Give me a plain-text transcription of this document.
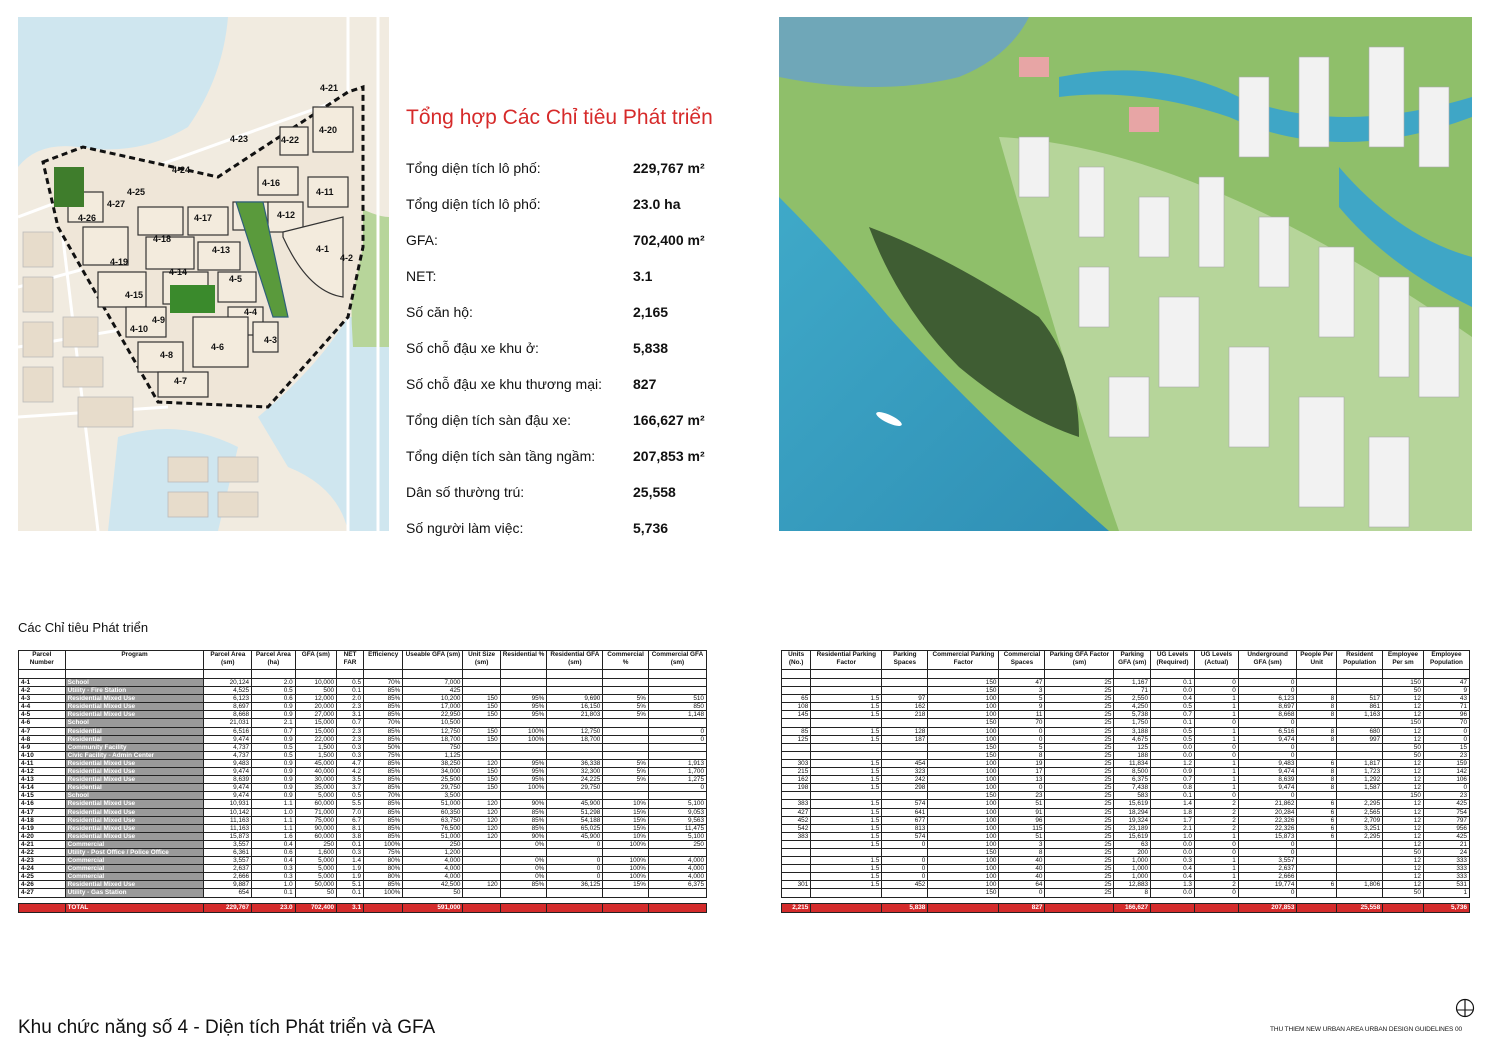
4-1
4-2
4-3
4-4
4-5
4-6
4-7
4-8
4-9
4-10
4-11
4-12
4-13
4-14
4-15
4-16
4-17
4-18
4-19
4-20
4-21
4-22
4-23
4-24
4-25
4-26
4-27
Tổng hợp Các Chỉ tiêu Phát triển
Tổng diện tích lô phố:	229,767 m²
Tổng diện tích lô phố:	23.0 ha
GFA:	702,400 m²
NET:	3.1
Số căn hộ:	2,165
Số chỗ đậu xe khu ở:	5,838
Số chỗ đậu xe khu thương mại: 827
Tổng diện tích sàn đậu xe:	166,627 m²
Tổng diện tích sàn tầng ngầm:	207,853 m²
Dân số thường trú:	25,558
Số người làm việc:	5,736
Các Chỉ tiêu Phát triển
Parcel Number	Program	Parcel Area (sm)	Parcel Area (ha)	GFA (sm)	NET FAR	Efficiency	Useable GFA (sm)	Unit Size (sm)	Residential %	Residential GFA (sm)	Commercial %	Commercial GFA (sm)

4-1	School	20,124	2.0	10,000	0.5	70%	7,000					
4-2	Utility - Fire Station	4,525	0.5	500	0.1	85%	425					
4-3	Residential Mixed Use	6,123	0.6	12,000	2.0	85%	10,200	150	95%	9,690	5%	510
4-4	Residential Mixed Use	8,697	0.9	20,000	2.3	85%	17,000	150	95%	16,150	5%	850
4-5	Residential Mixed Use	8,668	0.9	27,000	3.1	85%	22,950	150	95%	21,803	5%	1,148
4-6	School	21,031	2.1	15,000	0.7	70%	10,500					
4-7	Residential	6,516	0.7	15,000	2.3	85%	12,750	150	100%	12,750		0
4-8	Residential	9,474	0.9	22,000	2.3	85%	18,700	150	100%	18,700		0
4-9	Community Facility	4,737	0.5	1,500	0.3	50%	750					
4-10	Civic Facility - Admin Center	4,737	0.5	1,500	0.3	75%	1,125					
4-11	Residential Mixed Use	9,483	0.9	45,000	4.7	85%	38,250	120	95%	36,338	5%	1,913
4-12	Residential Mixed Use	9,474	0.9	40,000	4.2	85%	34,000	150	95%	32,300	5%	1,700
4-13	Residential Mixed Use	8,639	0.9	30,000	3.5	85%	25,500	150	95%	24,225	5%	1,275
4-14	Residential	9,474	0.9	35,000	3.7	85%	29,750	150	100%	29,750		0
4-15	School	9,474	0.9	5,000	0.5	70%	3,500					
4-16	Residential Mixed Use	10,931	1.1	60,000	5.5	85%	51,000	120	90%	45,900	10%	5,100
4-17	Residential Mixed Use	10,142	1.0	71,000	7.0	85%	60,350	120	85%	51,298	15%	9,053
4-18	Residential Mixed Use	11,163	1.1	75,000	6.7	85%	63,750	120	85%	54,188	15%	9,563
4-19	Residential Mixed Use	11,163	1.1	90,000	8.1	85%	76,500	120	85%	65,025	15%	11,475
4-20	Residential Mixed Use	15,873	1.6	60,000	3.8	85%	51,000	120	90%	45,900	10%	5,100
4-21	Commercial	3,557	0.4	250	0.1	100%	250		0%	0	100%	250
4-22	Utility - Post Office / Police Office	6,361	0.6	1,600	0.3	75%	1,200					
4-23	Commercial	3,557	0.4	5,000	1.4	80%	4,000		0%	0	100%	4,000
4-24	Commercial	2,637	0.3	5,000	1.9	80%	4,000		0%	0	100%	4,000
4-25	Commercial	2,666	0.3	5,000	1.9	80%	4,000		0%	0	100%	4,000
4-26	Residential Mixed Use	9,887	1.0	50,000	5.1	85%	42,500	120	85%	36,125	15%	6,375
4-27	Utility - Gas Station	654	0.1	50	0.1	100%	50					

	TOTAL	229,767	23.0	702,400	3.1		591,000					
Units (No.)	Residential Parking Factor	Parking Spaces	Commercial Parking Factor	Commercial Spaces	Parking GFA Factor (sm)	Parking GFA (sm)	UG Levels (Required)	UG Levels (Actual)	Underground GFA (sm)	People Per Unit	Resident Population	Employee Per sm	Employee Population

			150	47	25	1,167	0.1	0	0			150	47
			150	3	25	71	0.0	0	0			50	9
65	1.5	97	100	5	25	2,550	0.4	1	6,123	8	517	12	43
108	1.5	162	100	9	25	4,250	0.5	1	8,697	8	861	12	71
145	1.5	218	100	11	25	5,738	0.7	1	8,668	8	1,163	12	96
			150	70	25	1,750	0.1	0	0			150	70
85	1.5	128	100	0	25	3,188	0.5	1	6,516	8	680	12	0
125	1.5	187	100	0	25	4,675	0.5	1	9,474	8	997	12	0
			150	5	25	125	0.0	0	0			50	15
			150	8	25	188	0.0	0	0			50	23
303	1.5	454	100	19	25	11,834	1.2	1	9,483	6	1,817	12	159
215	1.5	323	100	17	25	8,500	0.9	1	9,474	8	1,723	12	142
162	1.5	242	100	13	25	6,375	0.7	1	8,639	8	1,292	12	106
198	1.5	298	100	0	25	7,438	0.8	1	9,474	8	1,587	12	0
			150	23	25	583	0.1	0	0			150	23
383	1.5	574	100	51	25	15,619	1.4	2	21,862	6	2,295	12	425
427	1.5	641	100	91	25	18,294	1.8	2	20,284	6	2,565	12	754
452	1.5	677	100	96	25	19,324	1.7	2	22,326	6	2,709	12	797
542	1.5	813	100	115	25	23,189	2.1	2	22,326	6	3,251	12	956
383	1.5	574	100	51	25	15,619	1.0	1	15,873	6	2,295	12	425
	1.5	0	100	3	25	63	0.0	0	0			12	21
			150	8	25	200	0.0	0	0			50	24
	1.5	0	100	40	25	1,000	0.3	1	3,557			12	333
	1.5	0	100	40	25	1,000	0.4	1	2,637			12	333
	1.5	0	100	40	25	1,000	0.4	1	2,666			12	333
301	1.5	452	100	64	25	12,883	1.3	2	19,774	6	1,806	12	531
			150	0	25	8	0.0	0	0			50	1

2,215		5,838		827		166,627			207,853		25,558		5,736
Khu chức năng số 4 - Diện tích Phát triển và GFA	THU THIEM NEW URBAN AREA URBAN DESIGN GUIDELINES 00
